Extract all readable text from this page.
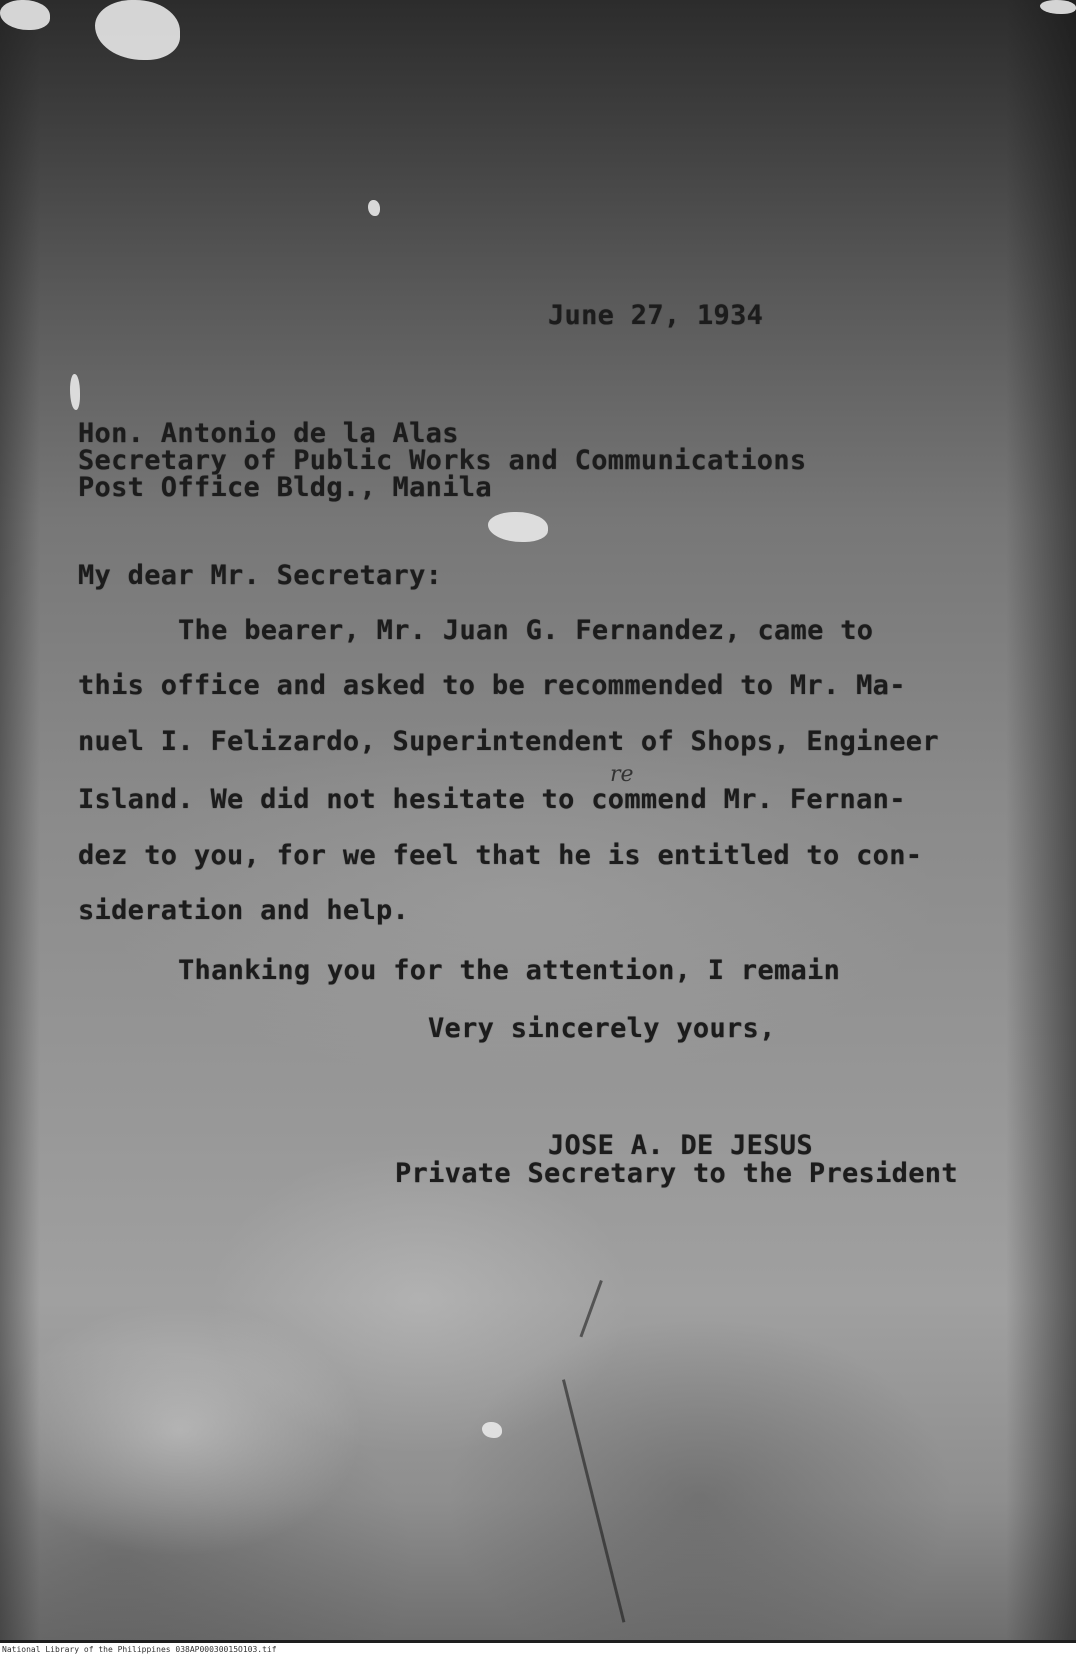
June 27, 1934

Hon. Antonio de la Alas

Secretary of Public Works and Communications

Post Office Bldg., Manila

My dear Mr. Secretary:

The bearer, Mr. Juan G. Fernandez, came to

this office and asked to be recommended to Mr. Ma-

nuel I. Felizardo, Superintendent of Shops, Engineer

Island. We did not hesitate to commend Mr. Fernan-

dez to you, for we feel that he is entitled to con-

sideration and help.

re

Thanking you for the attention, I remain

Very sincerely yours,

JOSE A. DE JESUS

Private Secretary to the President

National Library of the Philippines 038AP00030015O103.tif
